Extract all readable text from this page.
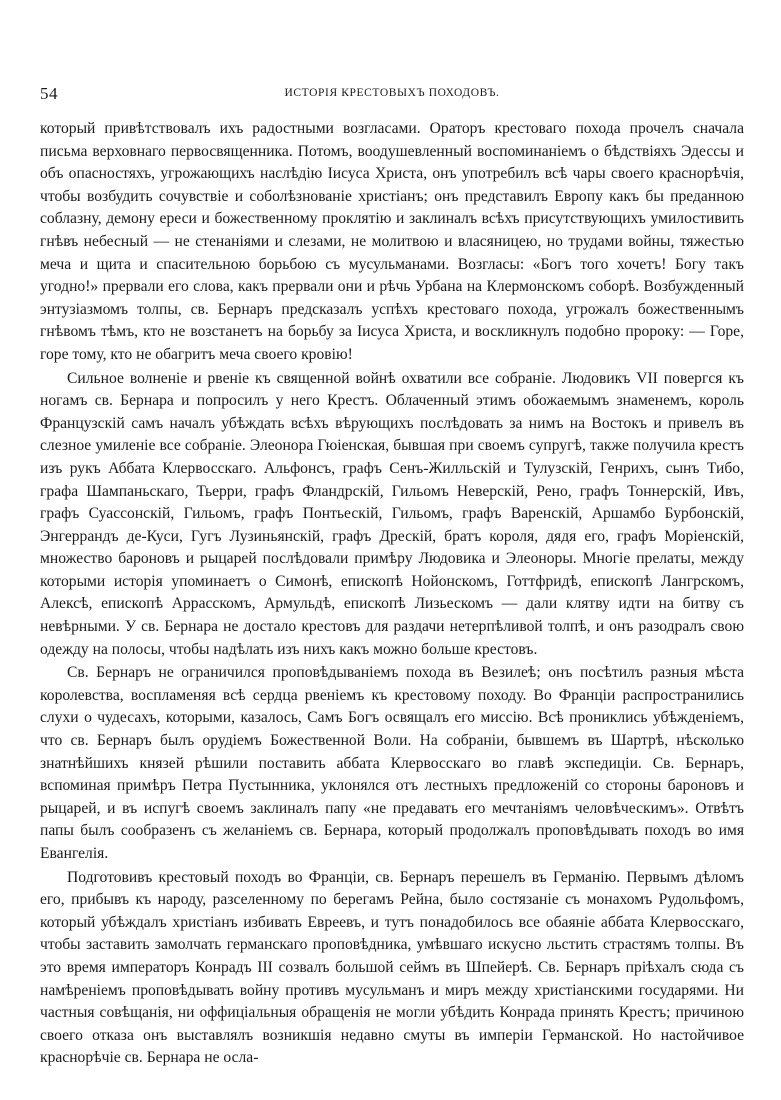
54	ИСТОРІЯ КРЕСТОВЫХЪ ПОХОДОВЪ.

который привѣтствовалъ ихъ радостными возгласами. Ораторъ крестоваго похода прочелъ сначала письма верховнаго первосвященника. Потомъ, воодушевленный воспоминаніемъ о бѣдствіяхъ Эдессы и объ опасностяхъ, угрожающихъ наслѣдію Іисуса Христа, онъ употребилъ всѣ чары своего краснорѣчія, чтобы возбудить сочувствіе и соболѣзнованіе христіанъ; онъ представилъ Европу какъ бы преданною соблазну, демону ереси и божественному проклятію и заклиналъ всѣхъ присутствующихъ умилостивить гнѣвъ небесный — не стенаніями и слезами, не молитвою и власяницею, но трудами войны, тяжестью меча и щита и спасительною борьбою съ мусульманами. Возгласы: «Богъ того хочетъ! Богу такъ угодно!» прервали его слова, какъ прервали они и рѣчь Урбана на Клермонскомъ соборѣ. Возбужденный энтузіазмомъ толпы, св. Бернаръ предсказалъ успѣхъ крестоваго похода, угрожалъ божественнымъ гнѣвомъ тѣмъ, кто не возстанетъ на борьбу за Іисуса Христа, и воскликнулъ подобно пророку: — Горе, горе тому, кто не обагритъ меча своего кровію!

Сильное волненіе и рвеніе къ священной войнѣ охватили все собраніе. Людовикъ VII повергся къ ногамъ св. Бернара и попросилъ у него Крестъ. Облаченный этимъ обожаемымъ знаменемъ, король Французскій самъ началъ убѣждать всѣхъ вѣрующихъ послѣдовать за нимъ на Востокъ и привелъ въ слезное умиленіе все собраніе. Элеонора Гюіенская, бывшая при своемъ супругѣ, также получила крестъ изъ рукъ Аббата Клервосскаго. Альфонсъ, графъ Сенъ-Жилльскій и Тулузскій, Генрихъ, сынъ Тибо, графа Шампаньскаго, Тьерри, графъ Фландрскій, Гильомъ Неверскій, Рено, графъ Тоннерскій, Ивъ, графъ Суассонскій, Гильомъ, графъ Понтьескій, Гильомъ, графъ Варенскій, Аршамбо Бурбонскій, Энгеррандъ де-Куси, Гугъ Лузиньянскій, графъ Дрескій, братъ короля, дядя его, графъ Моріенскій, множество бароновъ и рыцарей послѣдовали примѣру Людовика и Элеоноры. Многіе прелаты, между которыми исторія упоминаетъ о Симонѣ, епископѣ Нойонскомъ, Готтфридѣ, епископѣ Лангрскомъ, Алексѣ, епископѣ Аррасскомъ, Армульдѣ, епископѣ Лизьескомъ — дали клятву идти на битву съ невѣрными. У св. Бернара не достало крестовъ для раздачи нетерпѣливой толпѣ, и онъ разодралъ свою одежду на полосы, чтобы надѣлать изъ нихъ какъ можно больше крестовъ.

Св. Бернаръ не ограничился проповѣдываніемъ похода въ Везилеѣ; онъ посѣтилъ разныя мѣста королевства, воспламеняя всѣ сердца рвеніемъ къ крестовому походу. Во Франціи распространились слухи о чудесахъ, которыми, казалось, Самъ Богъ освящалъ его миссію. Всѣ прониклись убѣжденіемъ, что св. Бернаръ былъ орудіемъ Божественной Воли. На собраніи, бывшемъ въ Шартрѣ, нѣсколько знатнѣйшихъ князей рѣшили поставить аббата Клервосскаго во главѣ экспедиціи. Св. Бернаръ, вспоминая примѣръ Петра Пустынника, уклонялся отъ лестныхъ предложеній со стороны бароновъ и рыцарей, и въ испугѣ своемъ заклиналъ папу «не предавать его мечтаніямъ человѣческимъ». Отвѣтъ папы былъ сообразенъ съ желаніемъ св. Бернара, который продолжалъ проповѣдывать походъ во имя Евангелія.

Подготовивъ крестовый походъ во Франціи, св. Бернаръ перешелъ въ Германію. Первымъ дѣломъ его, прибывъ къ народу, разселенному по берегамъ Рейна, было состязаніе съ монахомъ Рудольфомъ, который убѣждалъ христіанъ избивать Евреевъ, и тутъ понадобилось все обаяніе аббата Клервосскаго, чтобы заставить замолчать германскаго проповѣдника, умѣвшаго искусно льстить страстямъ толпы. Въ это время императоръ Конрадъ III созвалъ большой сеймъ въ Шпейерѣ. Св. Бернаръ пріѣхалъ сюда съ намѣреніемъ проповѣдывать войну противъ мусульманъ и миръ между христіанскими государями. Ни частныя совѣщанія, ни оффиціальныя обращенія не могли убѣдить Конрада принять Крестъ; причиною своего отказа онъ выставлялъ возникшія недавно смуты въ имперіи Германской. Но настойчивое краснорѣчіе св. Бернара не осла-
